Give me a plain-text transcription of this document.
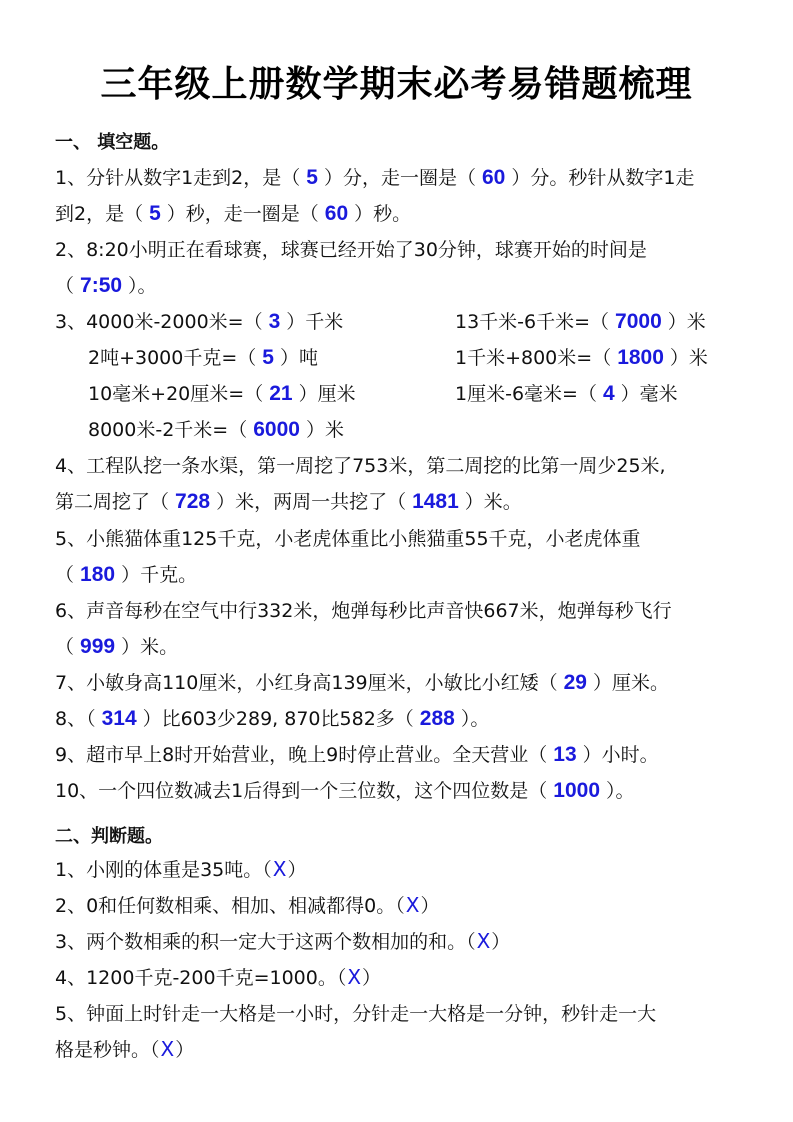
三年级上册数学期末必考易错题梳理
一、 填空题。
1、分针从数字1走到2，是（ 5 ）分，走一圈是（ 60 ）分。秒针从数字1走
到2，是（ 5 ）秒，走一圈是（ 60 ）秒。
2、8:20小明正在看球赛，球赛已经开始了30分钟，球赛开始的时间是
（ 7:50 ）。
3、4000米-2000米=（ 3 ）千米	13千米-6千米=（ 7000 ）米
2吨+3000千克=（ 5 ）吨	1千米+800米=（ 1800 ）米
10毫米+20厘米=（ 21 ）厘米	1厘米-6毫米=（ 4 ）毫米
8000米-2千米=（ 6000 ）米
4、工程队挖一条水渠，第一周挖了753米，第二周挖的比第一周少25米,
第二周挖了（ 728 ）米，两周一共挖了（ 1481 ）米。
5、小熊猫体重125千克，小老虎体重比小熊猫重55千克，小老虎体重
（ 180 ）千克。
6、声音每秒在空气中行332米，炮弹每秒比声音快667米，炮弹每秒飞行
（ 999 ）米。
7、小敏身高110厘米，小红身高139厘米，小敏比小红矮（ 29 ）厘米。
8、（ 314 ）比603少289, 870比582多（ 288 ）。
9、超市早上8时开始营业，晚上9时停止营业。全天营业（ 13 ）小时。
10、一个四位数减去1后得到一个三位数，这个四位数是（ 1000 ）。
二、判断题。
1、小刚的体重是35吨。（X）
2、0和任何数相乘、相加、相减都得0。（X）
3、两个数相乘的积一定大于这两个数相加的和。（X）
4、1200千克-200千克=1000。（X）
5、钟面上时针走一大格是一小时，分针走一大格是一分钟，秒针走一大
格是秒钟。（X）
